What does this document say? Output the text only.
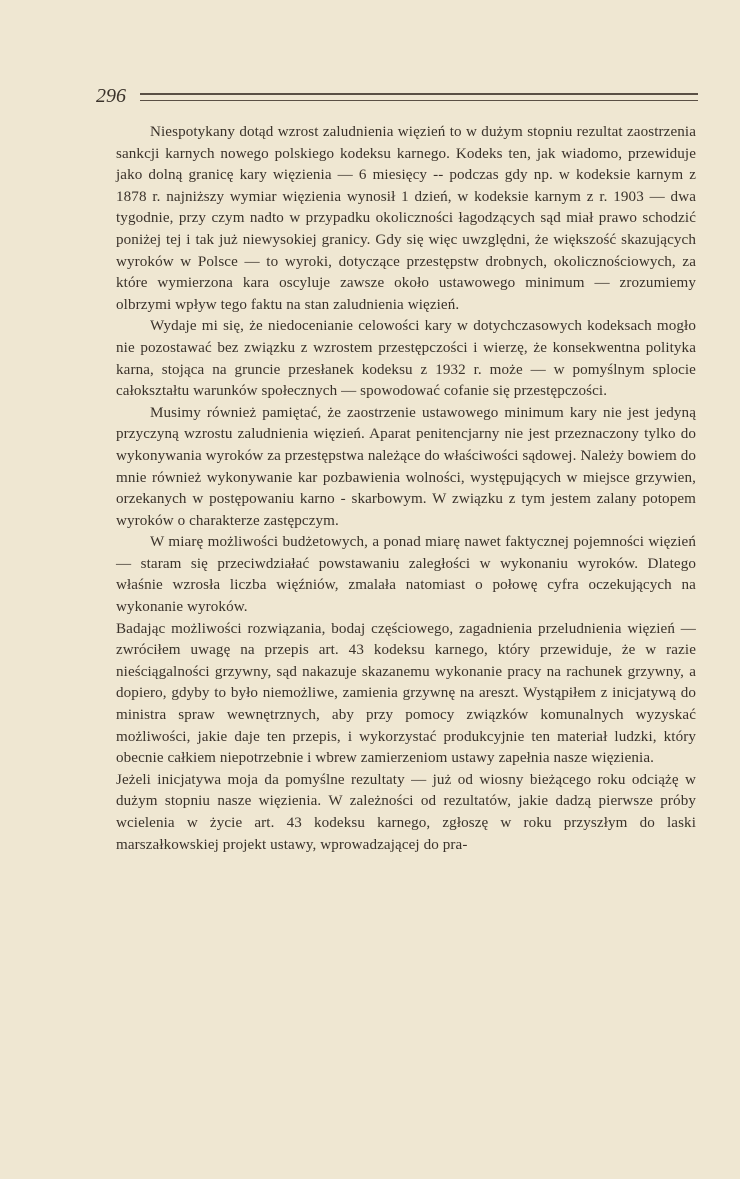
296

Niespotykany dotąd wzrost zaludnienia więzień to w dużym stopniu rezultat zaostrzenia sankcji karnych nowego polskiego kodeksu karnego. Kodeks ten, jak wiadomo, przewiduje jako dolną granicę kary więzienia — 6 miesięcy -- podczas gdy np. w kodeksie karnym z 1878 r. najniższy wymiar więzienia wynosił 1 dzień, w kodeksie karnym z r. 1903 — dwa tygodnie, przy czym nadto w przypadku okoliczności łagodzących sąd miał prawo schodzić poniżej tej i tak już niewysokiej granicy. Gdy się więc uwzględni, że większość skazujących wyroków w Polsce — to wyroki, dotyczące przestępstw drobnych, okolicznościowych, za które wymierzona kara oscyluje zawsze około ustawowego minimum — zrozumiemy olbrzymi wpływ tego faktu na stan zaludnienia więzień.

Wydaje mi się, że niedocenianie celowości kary w dotychczasowych kodeksach mogło nie pozostawać bez związku z wzrostem przestępczości i wierzę, że konsekwentna polityka karna, stojąca na gruncie przesłanek kodeksu z 1932 r. może — w pomyślnym splocie całokształtu warunków społecznych — spowodować cofanie się przestępczości.

Musimy również pamiętać, że zaostrzenie ustawowego minimum kary nie jest jedyną przyczyną wzrostu zaludnienia więzień. Aparat penitencjarny nie jest przeznaczony tylko do wykonywania wyroków za przestępstwa należące do właściwości sądowej. Należy bowiem do mnie również wykonywanie kar pozbawienia wolności, występujących w miejsce grzywien, orzekanych w postępowaniu karno - skarbowym. W związku z tym jestem zalany potopem wyroków o charakterze zastępczym.

W miarę możliwości budżetowych, a ponad miarę nawet faktycznej pojemności więzień — staram się przeciwdziałać powstawaniu zaległości w wykonaniu wyroków. Dlatego właśnie wzrosła liczba więźniów, zmalała natomiast o połowę cyfra oczekujących na wykonanie wyroków.

Badając możliwości rozwiązania, bodaj częściowego, zagadnienia przeludnienia więzień — zwróciłem uwagę na przepis art. 43 kodeksu karnego, który przewiduje, że w razie nieściągalności grzywny, sąd nakazuje skazanemu wykonanie pracy na rachunek grzywny, a dopiero, gdyby to było niemożliwe, zamienia grzywnę na areszt. Wystąpiłem z inicjatywą do ministra spraw wewnętrznych, aby przy pomocy związków komunalnych wyzyskać możliwości, jakie daje ten przepis, i wykorzystać produkcyjnie ten materiał ludzki, który obecnie całkiem niepotrzebnie i wbrew zamierzeniom ustawy zapełnia nasze więzienia.

Jeżeli inicjatywa moja da pomyślne rezultaty — już od wiosny bieżącego roku odciążę w dużym stopniu nasze więzienia. W zależności od rezultatów, jakie dadzą pierwsze próby wcielenia w życie art. 43 kodeksu karnego, zgłoszę w roku przyszłym do laski marszałkowskiej projekt ustawy, wprowadzającej do pra-
